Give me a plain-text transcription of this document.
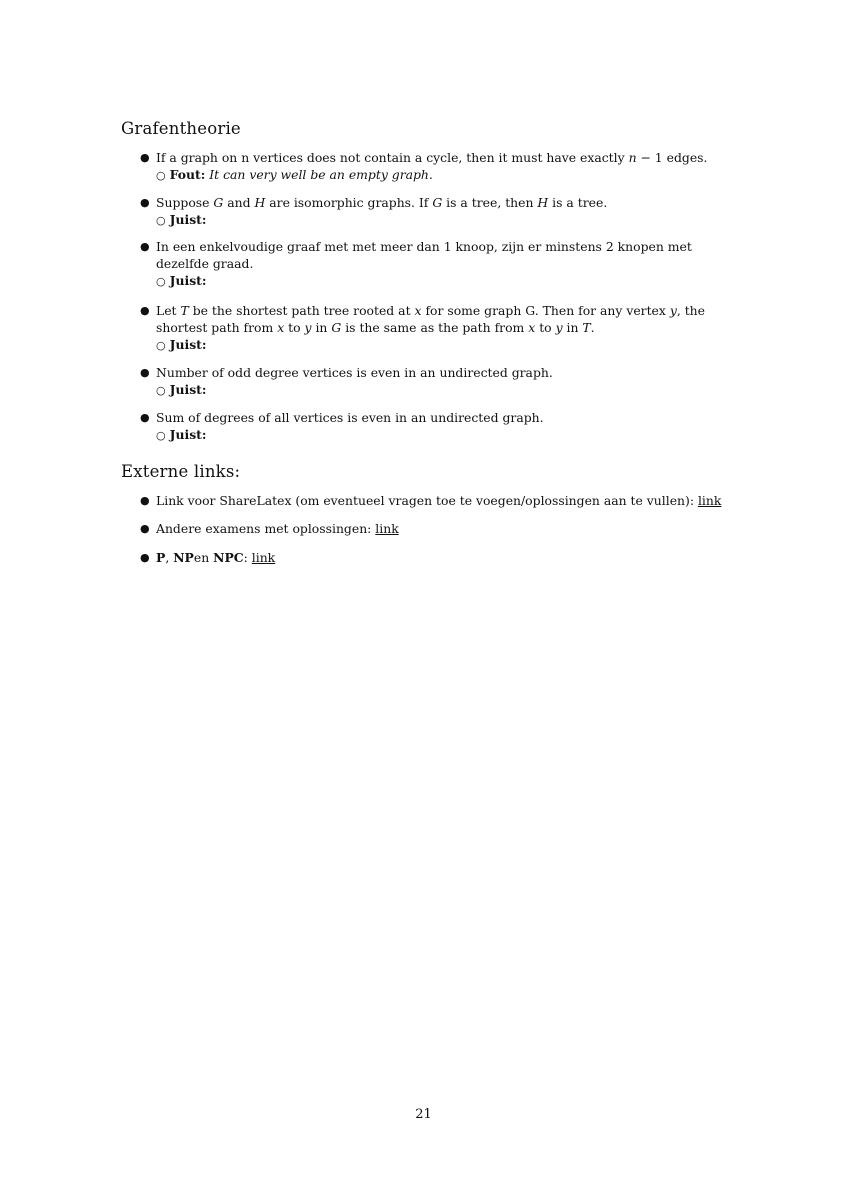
Grafentheorie
● If a graph on n vertices does not contain a cycle, then it must have exactly n − 1 edges.
○ Fout: It can very well be an empty graph.
● Suppose G and H are isomorphic graphs. If G is a tree, then H is a tree.
○ Juist:
● In een enkelvoudige graaf met met meer dan 1 knoop, zijn er minstens 2 knopen met dezelfde graad.
○ Juist:
● Let T be the shortest path tree rooted at x for some graph G. Then for any vertex y, the shortest path from x to y in G is the same as the path from x to y in T.
○ Juist:
● Number of odd degree vertices is even in an undirected graph.
○ Juist:
● Sum of degrees of all vertices is even in an undirected graph.
○ Juist:
Externe links:
● Link voor ShareLatex (om eventueel vragen toe te voegen/oplossingen aan te vullen): link
● Andere examens met oplossingen: link
● P, NPen NPC: link
21
